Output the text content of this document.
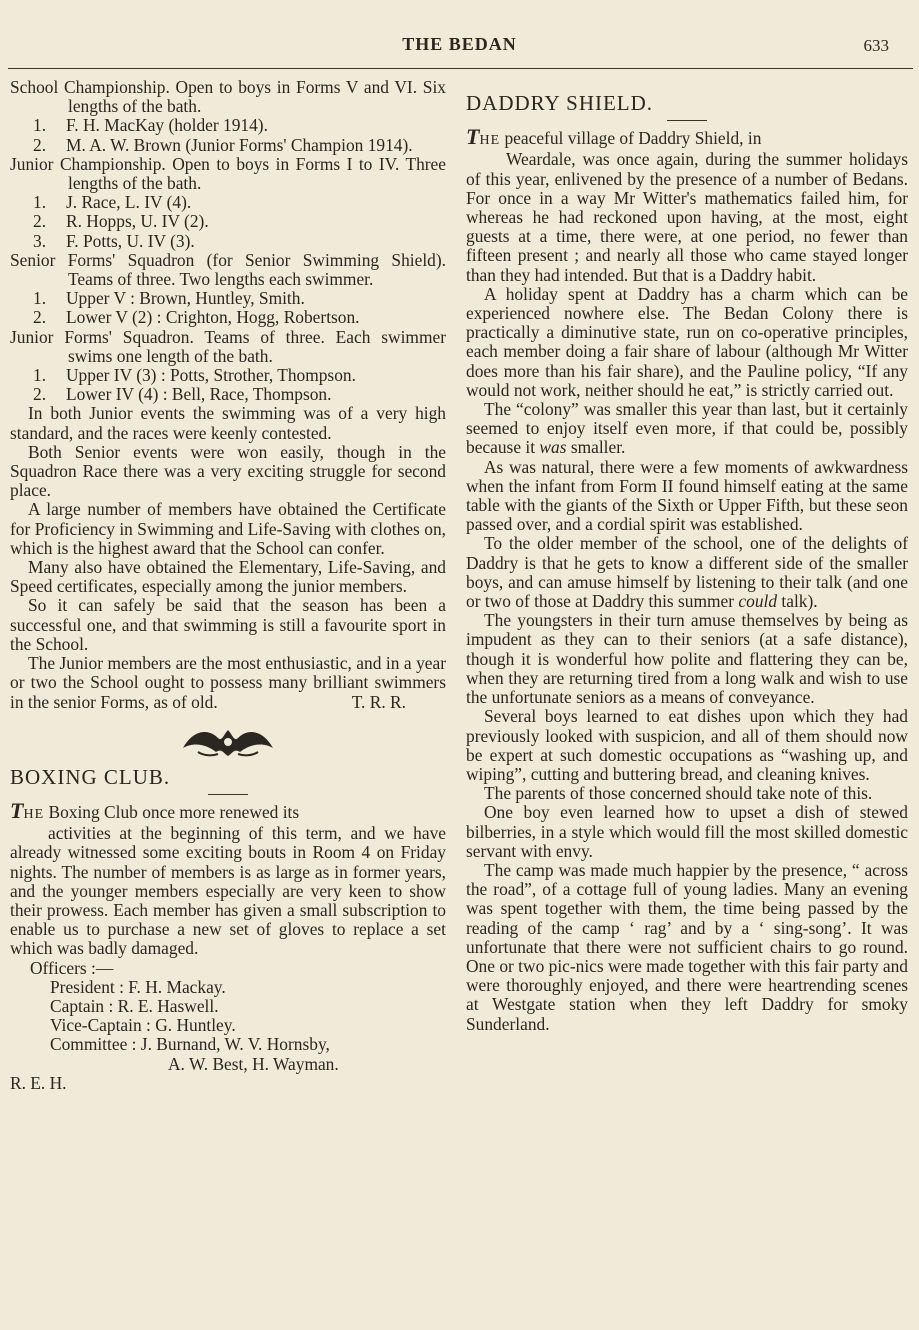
THE BEDAN	633

School Championship. Open to boys in Forms V and VI. Six lengths of the bath.

1. F. H. MacKay (holder 1914).

2. M. A. W. Brown (Junior Forms' Champion 1914).

Junior Championship. Open to boys in Forms I to IV. Three lengths of the bath.

1. J. Race, L. IV (4).

2. R. Hopps, U. IV (2).

3. F. Potts, U. IV (3).

Senior Forms' Squadron (for Senior Swimming Shield). Teams of three. Two lengths each swimmer.

1. Upper V : Brown, Huntley, Smith.

2. Lower V (2) : Crighton, Hogg, Robertson.

Junior Forms' Squadron. Teams of three. Each swimmer swims one length of the bath.

1. Upper IV (3) : Potts, Strother, Thompson.

2. Lower IV (4) : Bell, Race, Thompson.

In both Junior events the swimming was of a very high standard, and the races were keenly contested.

Both Senior events were won easily, though in the Squadron Race there was a very exciting struggle for second place.

A large number of members have obtained the Certificate for Proficiency in Swimming and Life-Saving with clothes on, which is the highest award that the School can confer.

Many also have obtained the Elementary, Life-Saving, and Speed certificates, especially among the junior members.

So it can safely be said that the season has been a successful one, and that swimming is still a favourite sport in the School.

The Junior members are the most enthusiastic, and in a year or two the School ought to possess many brilliant swimmers in the senior Forms, as of old.	T. R. R.

BOXING CLUB.

THE Boxing Club once more renewed its

activities at the beginning of this term, and we have already witnessed some exciting bouts in Room 4 on Friday nights. The number of members is as large as in former years, and the younger members especially are very keen to show their prowess. Each member has given a small subscription to enable us to purchase a new set of gloves to replace a set which was badly damaged.

Officers :—

President : F. H. Mackay.

Captain : R. E. Haswell.

Vice-Captain : G. Huntley.

Committee : J. Burnand, W. V. Hornsby,

A. W. Best, H. Wayman.

R. E. H.

DADDRY SHIELD.

THE peaceful village of Daddry Shield, in

Weardale, was once again, during the summer holidays of this year, enlivened by the presence of a number of Bedans. For once in a way Mr Witter's mathematics failed him, for whereas he had reckoned upon having, at the most, eight guests at a time, there were, at one period, no fewer than fifteen present ; and nearly all those who came stayed longer than they had intended. But that is a Daddry habit.

A holiday spent at Daddry has a charm which can be experienced nowhere else. The Bedan Colony there is practically a diminutive state, run on co-operative principles, each member doing a fair share of labour (although Mr Witter does more than his fair share), and the Pauline policy, “If any would not work, neither should he eat,” is strictly carried out.

The “colony” was smaller this year than last, but it certainly seemed to enjoy itself even more, if that could be, possibly because it was smaller.

As was natural, there were a few moments of awkwardness when the infant from Form II found himself eating at the same table with the giants of the Sixth or Upper Fifth, but these seon passed over, and a cordial spirit was established.

To the older member of the school, one of the delights of Daddry is that he gets to know a different side of the smaller boys, and can amuse himself by listening to their talk (and one or two of those at Daddry this summer could talk).

The youngsters in their turn amuse themselves by being as impudent as they can to their seniors (at a safe distance), though it is wonderful how polite and flattering they can be, when they are returning tired from a long walk and wish to use the unfortunate seniors as a means of conveyance.

Several boys learned to eat dishes upon which they had previously looked with suspicion, and all of them should now be expert at such domestic occupations as “washing up, and wiping”, cutting and buttering bread, and cleaning knives.

The parents of those concerned should take note of this.

One boy even learned how to upset a dish of stewed bilberries, in a style which would fill the most skilled domestic servant with envy.

The camp was made much happier by the presence, “ across the road”, of a cottage full of young ladies. Many an evening was spent together with them, the time being passed by the reading of the camp ‘ rag’ and by a ‘ sing-song’. It was unfortunate that there were not sufficient chairs to go round. One or two pic-nics were made together with this fair party and were thoroughly enjoyed, and there were heartrending scenes at Westgate station when they left Daddry for smoky Sunderland.
